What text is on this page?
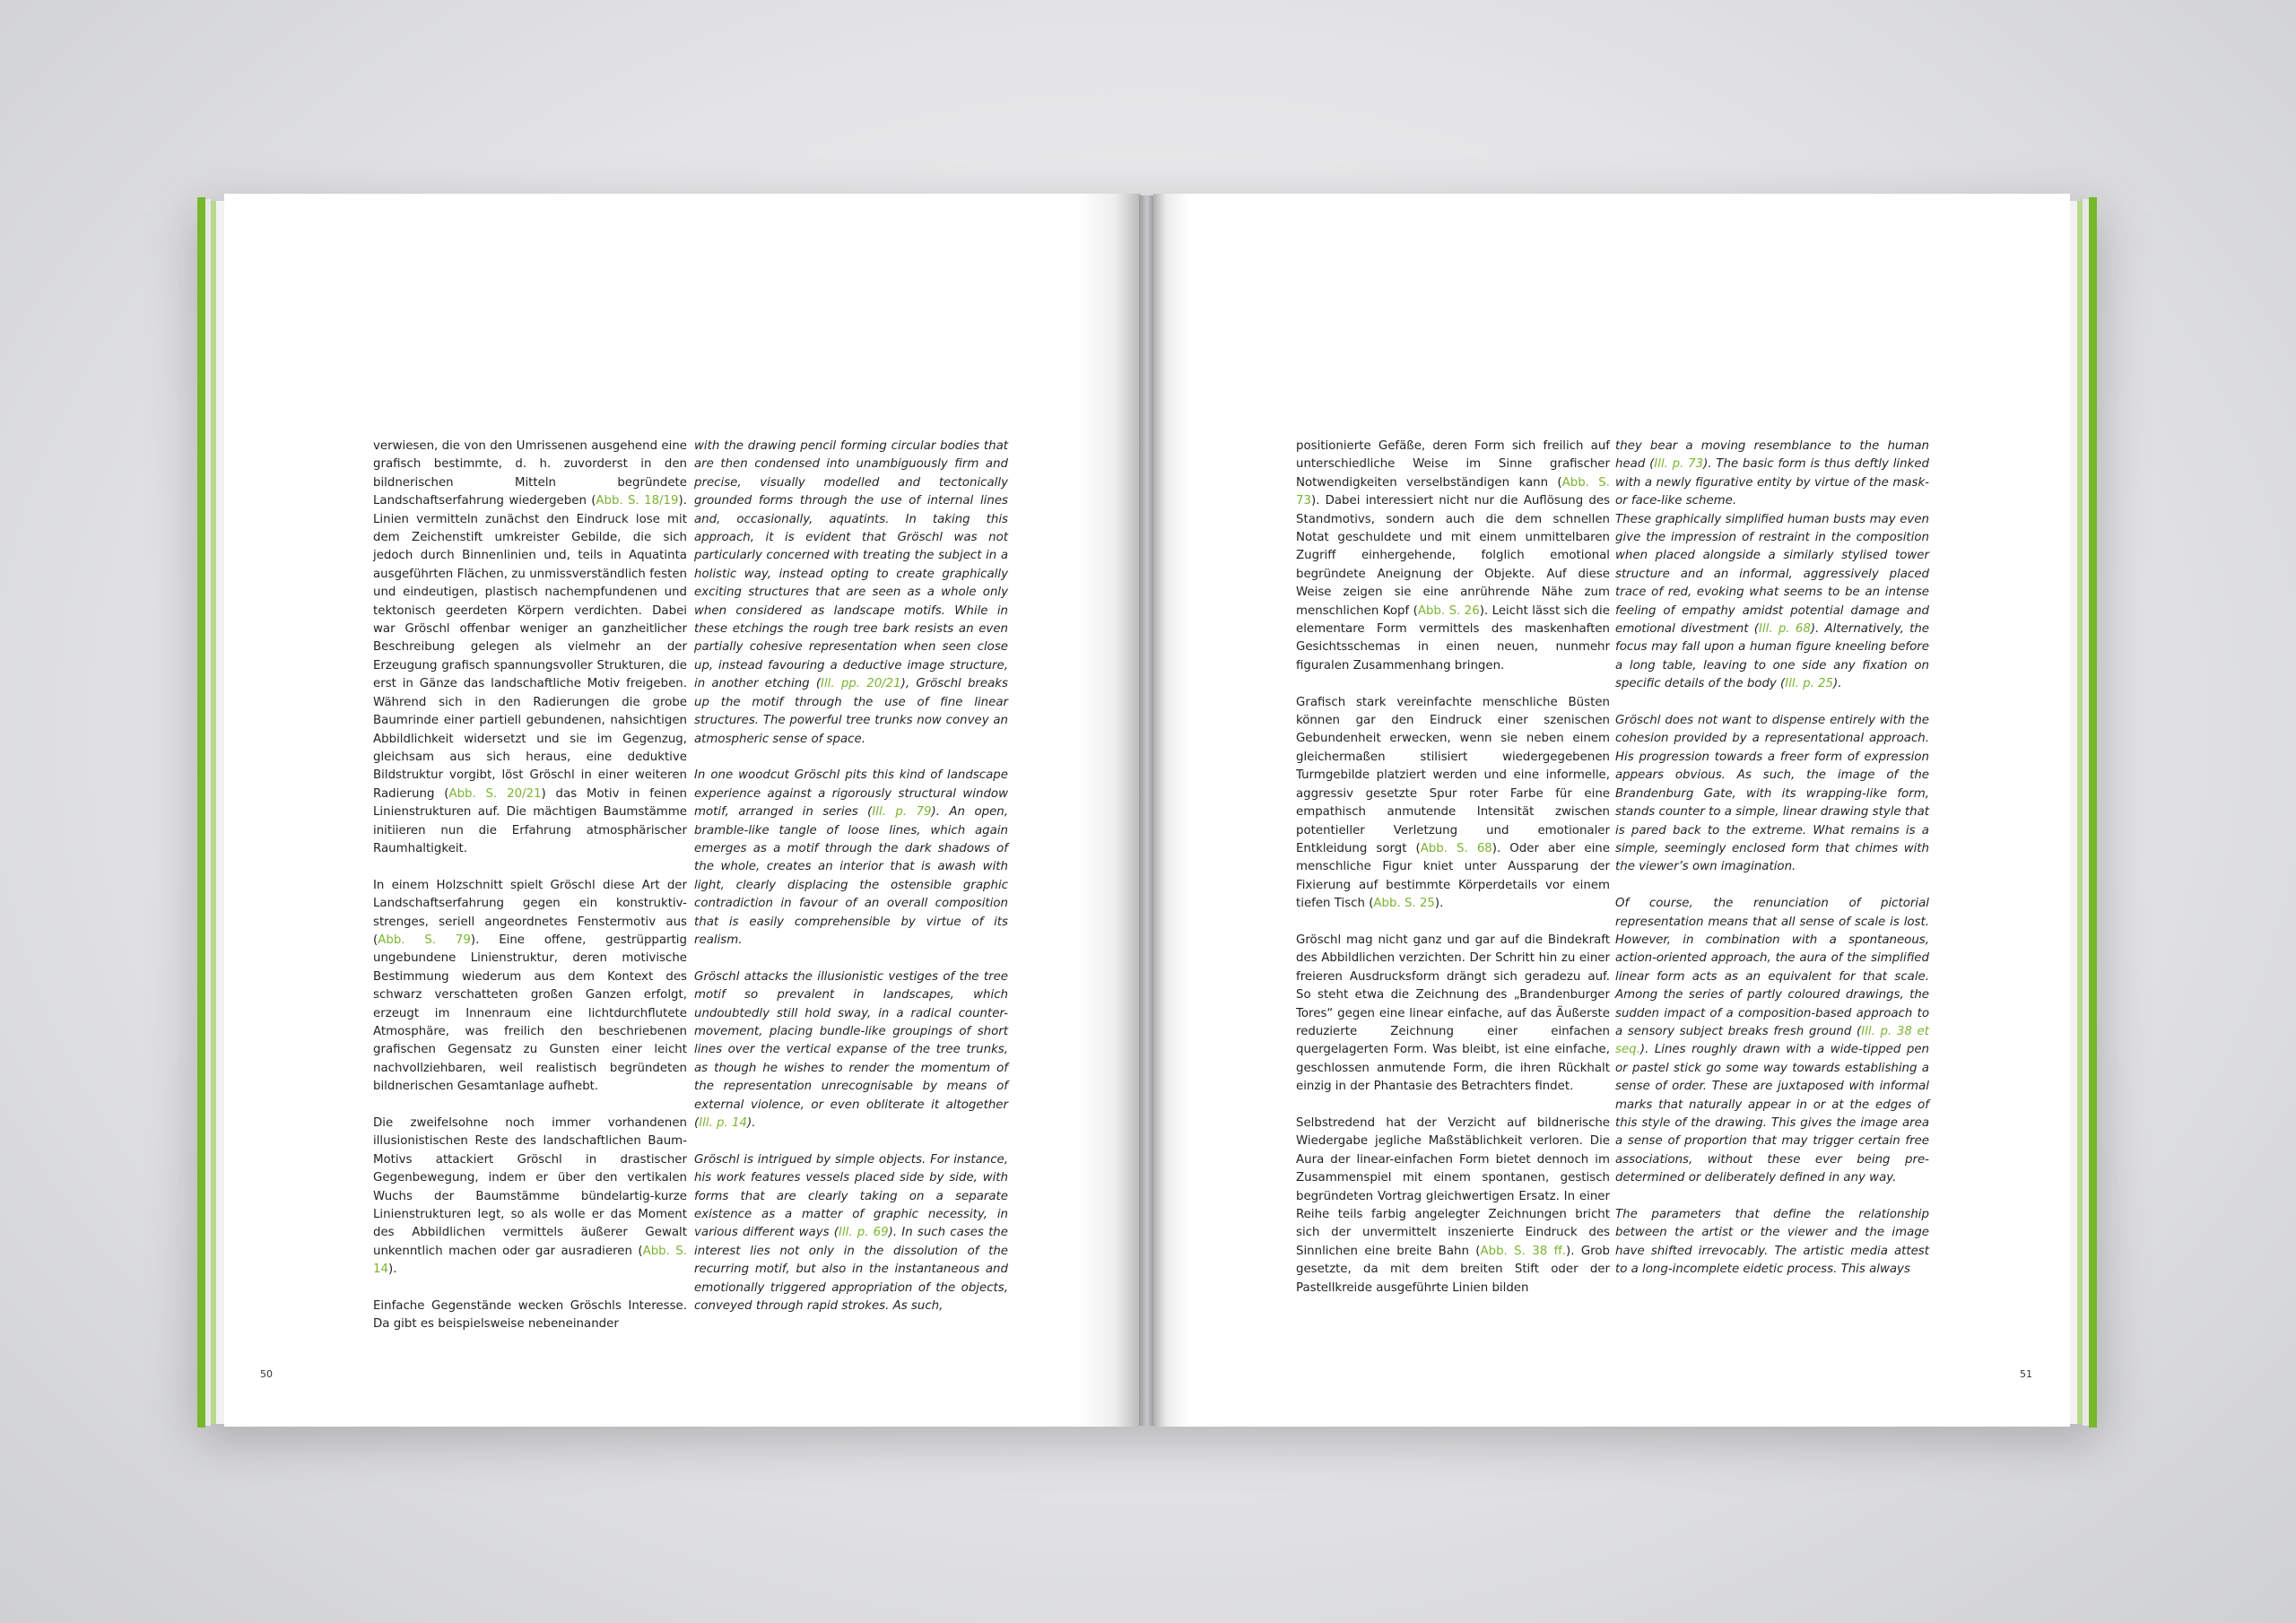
verwiesen, die von den Umrissenen ausgehend eine grafisch bestimmte, d. h. zuvorderst in den bildnerischen Mitteln begründete Landschaftserfahrung wiedergeben (Abb. S. 18/19). Linien vermitteln zunächst den Eindruck lose mit dem Zeichenstift umkreister Gebilde, die sich jedoch durch Binnenlinien und, teils in Aquatinta ausgeführten Flächen, zu unmissverständlich festen und eindeutigen, plastisch nachempfundenen und tektonisch geerdeten Körpern verdichten. Dabei war Gröschl offenbar weniger an ganzheitlicher Beschreibung gelegen als vielmehr an der Erzeugung grafisch spannungsvoller Strukturen, die erst in Gänze das landschaftliche Motiv freigeben. Während sich in den Radierungen die grobe Baumrinde einer partiell gebundenen, nahsichtigen Abbildlichkeit widersetzt und sie im Gegenzug, gleichsam aus sich heraus, eine deduktive Bildstruktur vorgibt, löst Gröschl in einer weiteren Radierung (Abb. S. 20/21) das Motiv in feinen Linienstrukturen auf. Die mächtigen Baumstämme initiieren nun die Erfahrung atmosphärischer Raumhaltigkeit.

In einem Holzschnitt spielt Gröschl diese Art der Landschaftserfahrung gegen ein konstruktiv-strenges, seriell angeordnetes Fenstermotiv aus (Abb. S. 79). Eine offene, gestrüppartig ungebundene Linienstruktur, deren motivische Bestimmung wiederum aus dem Kontext des schwarz verschatteten großen Ganzen erfolgt, erzeugt im Innenraum eine lichtdurchflutete Atmosphäre, was freilich den beschriebenen grafischen Gegensatz zu Gunsten einer leicht nachvollziehbaren, weil realistisch begründeten bildnerischen Gesamtanlage aufhebt.

Die zweifelsohne noch immer vorhandenen illusionistischen Reste des landschaftlichen Baum-Motivs attackiert Gröschl in drastischer Gegenbewegung, indem er über den vertikalen Wuchs der Baumstämme bündelartig-kurze Linienstrukturen legt, so als wolle er das Moment des Abbildlichen vermittels äußerer Gewalt unkenntlich machen oder gar ausradieren (Abb. S. 14).

Einfache Gegenstände wecken Gröschls Interesse. Da gibt es beispielsweise nebeneinander

with the drawing pencil forming circular bodies that are then condensed into unambiguously firm and precise, visually modelled and tectonically grounded forms through the use of internal lines and, occasionally, aquatints. In taking this approach, it is evident that Gröschl was not particularly concerned with treating the subject in a holistic way, instead opting to create graphically exciting structures that are seen as a whole only when considered as landscape motifs. While in these etchings the rough tree bark resists an even partially cohesive representation when seen close up, instead favouring a deductive image structure, in another etching (Ill. pp. 20/21), Gröschl breaks up the motif through the use of fine linear structures. The powerful tree trunks now convey an atmospheric sense of space.

In one woodcut Gröschl pits this kind of landscape experience against a rigorously structural window motif, arranged in series (Ill. p. 79). An open, bramble-like tangle of loose lines, which again emerges as a motif through the dark shadows of the whole, creates an interior that is awash with light, clearly displacing the ostensible graphic contradiction in favour of an overall composition that is easily comprehensible by virtue of its realism.

Gröschl attacks the illusionistic vestiges of the tree motif so prevalent in landscapes, which undoubtedly still hold sway, in a radical counter-movement, placing bundle-like groupings of short lines over the vertical expanse of the tree trunks, as though he wishes to render the momentum of the representation unrecognisable by means of external violence, or even obliterate it altogether (Ill. p. 14).

Gröschl is intrigued by simple objects. For instance, his work features vessels placed side by side, with forms that are clearly taking on a separate existence as a matter of graphic necessity, in various different ways (Ill. p. 69). In such cases the interest lies not only in the dissolution of the recurring motif, but also in the instantaneous and emotionally triggered appropriation of the objects, conveyed through rapid strokes. As such,

50

positionierte Gefäße, deren Form sich freilich auf unterschiedliche Weise im Sinne grafischer Notwendigkeiten verselbständigen kann (Abb. S. 73). Dabei interessiert nicht nur die Auflösung des Standmotivs, sondern auch die dem schnellen Notat geschuldete und mit einem unmittelbaren Zugriff einhergehende, folglich emotional begründete Aneignung der Objekte. Auf diese Weise zeigen sie eine anrührende Nähe zum menschlichen Kopf (Abb. S. 26). Leicht lässt sich die elementare Form vermittels des maskenhaften Gesichtsschemas in einen neuen, nunmehr figuralen Zusammenhang bringen.

Grafisch stark vereinfachte menschliche Büsten können gar den Eindruck einer szenischen Gebundenheit erwecken, wenn sie neben einem gleichermaßen stilisiert wiedergegebenen Turmgebilde platziert werden und eine informelle, aggressiv gesetzte Spur roter Farbe für eine empathisch anmutende Intensität zwischen potentieller Verletzung und emotionaler Entkleidung sorgt (Abb. S. 68). Oder aber eine menschliche Figur kniet unter Aussparung der Fixierung auf bestimmte Körperdetails vor einem tiefen Tisch (Abb. S. 25).

Gröschl mag nicht ganz und gar auf die Bindekraft des Abbildlichen verzichten. Der Schritt hin zu einer freieren Ausdrucksform drängt sich geradezu auf. So steht etwa die Zeichnung des „Brandenburger Tores“ gegen eine linear einfache, auf das Äußerste reduzierte Zeichnung einer einfachen quergelagerten Form. Was bleibt, ist eine einfache, geschlossen anmutende Form, die ihren Rückhalt einzig in der Phantasie des Betrachters findet.

Selbstredend hat der Verzicht auf bildnerische Wiedergabe jegliche Maßstäblichkeit verloren. Die Aura der linear-einfachen Form bietet dennoch im Zusammenspiel mit einem spontanen, gestisch begründeten Vortrag gleichwertigen Ersatz. In einer Reihe teils farbig angelegter Zeichnungen bricht sich der unvermittelt inszenierte Eindruck des Sinnlichen eine breite Bahn (Abb. S. 38 ff.). Grob gesetzte, da mit dem breiten Stift oder der Pastellkreide ausgeführte Linien bilden

they bear a moving resemblance to the human head (Ill. p. 73). The basic form is thus deftly linked with a newly figurative entity by virtue of the mask- or face-like scheme.
These graphically simplified human busts may even give the impression of restraint in the composition when placed alongside a similarly stylised tower structure and an informal, aggressively placed trace of red, evoking what seems to be an intense feeling of empathy amidst potential damage and emotional divestment (Ill. p. 68). Alternatively, the focus may fall upon a human figure kneeling before a long table, leaving to one side any fixation on specific details of the body (Ill. p. 25).

Gröschl does not want to dispense entirely with the cohesion provided by a representational approach. His progression towards a freer form of expression appears obvious. As such, the image of the Brandenburg Gate, with its wrapping-like form, stands counter to a simple, linear drawing style that is pared back to the extreme. What remains is a simple, seemingly enclosed form that chimes with the viewer’s own imagination.

Of course, the renunciation of pictorial representation means that all sense of scale is lost. However, in combination with a spontaneous, action-oriented approach, the aura of the simplified linear form acts as an equivalent for that scale. Among the series of partly coloured drawings, the sudden impact of a composition-based approach to a sensory subject breaks fresh ground (Ill. p. 38 et seq.). Lines roughly drawn with a wide-tipped pen or pastel stick go some way towards establishing a sense of order. These are juxtaposed with informal marks that naturally appear in or at the edges of this style of the drawing. This gives the image area a sense of proportion that may trigger certain free associations, without these ever being pre-determined or deliberately defined in any way.

The parameters that define the relationship between the artist or the viewer and the image have shifted irrevocably. The artistic media attest to a long-incomplete eidetic process. This always

51
